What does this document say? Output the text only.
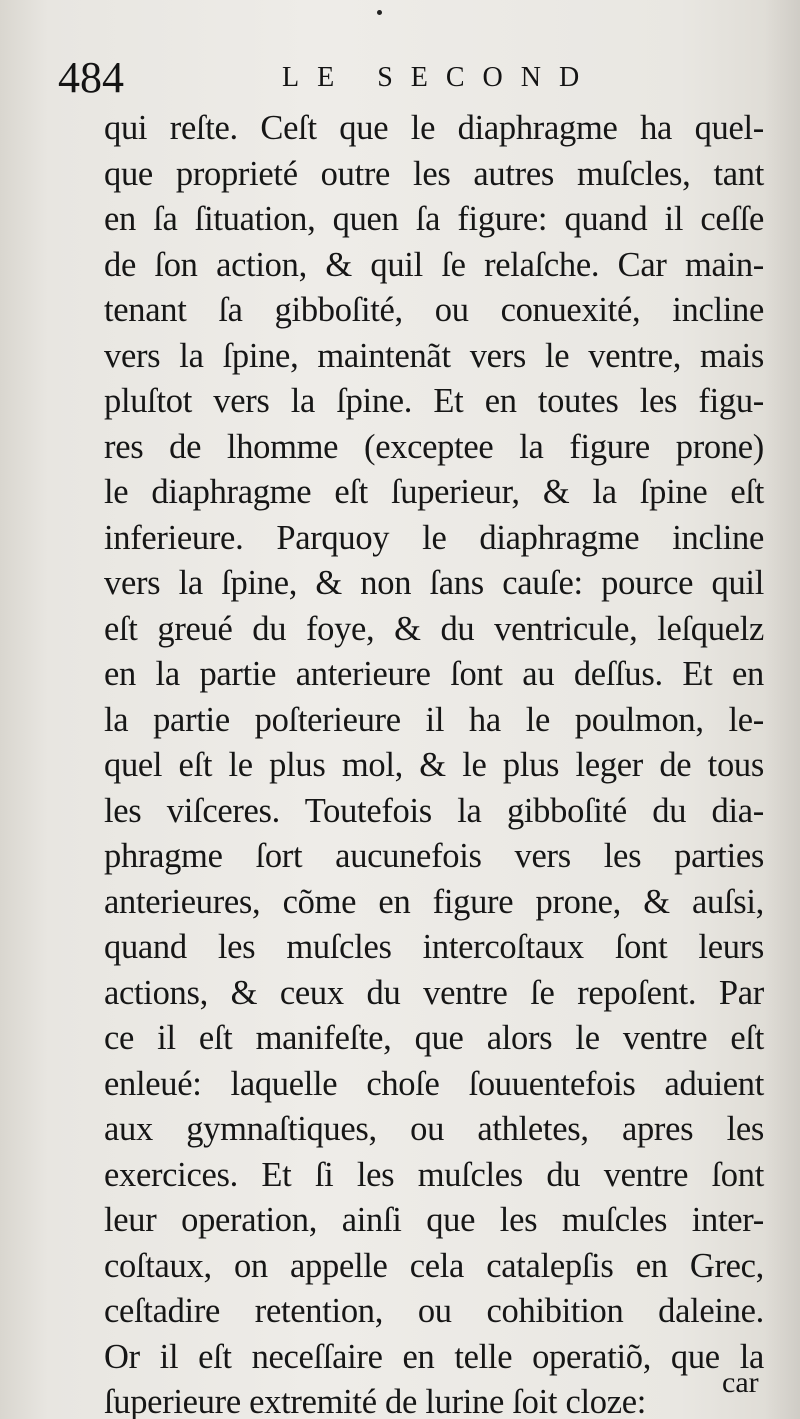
484	LE SECOND
qui reſte. Ceſt que le diaphragme ha quel-
que proprieté outre les autres muſcles, tant
en ſa ſituation, quen ſa figure: quand il ceſſe
de ſon action, & quil ſe relaſche. Car main-
tenant ſa gibboſité, ou conuexité, incline
vers la ſpine, maintenãt vers le ventre, mais
pluſtot vers la ſpine. Et en toutes les figu-
res de lhomme (exceptee la figure prone)
le diaphragme eſt ſuperieur, & la ſpine eſt
inferieure. Parquoy le diaphragme incline
vers la ſpine, & non ſans cauſe: pource quil
eſt greué du foye, & du ventricule, leſquelz
en la partie anterieure ſont au deſſus. Et en
la partie poſterieure il ha le poulmon, le-
quel eſt le plus mol, & le plus leger de tous
les viſceres. Toutefois la gibboſité du dia-
phragme ſort aucunefois vers les parties
anterieures, cõme en figure prone, & auſsi,
quand les muſcles intercoſtaux ſont leurs
actions, & ceux du ventre ſe repoſent. Par
ce il eſt manifeſte, que alors le ventre eſt
enleué: laquelle choſe ſouuentefois aduient
aux gymnaſtiques, ou athletes, apres les
exercices. Et ſi les muſcles du ventre ſont
leur operation, ainſi que les muſcles inter-
coſtaux, on appelle cela catalepſis en Grec,
ceſtadire retention, ou cohibition daleine.
Or il eſt neceſſaire en telle operatiõ, que la
ſuperieure extremité de lurine ſoit cloze:
car
